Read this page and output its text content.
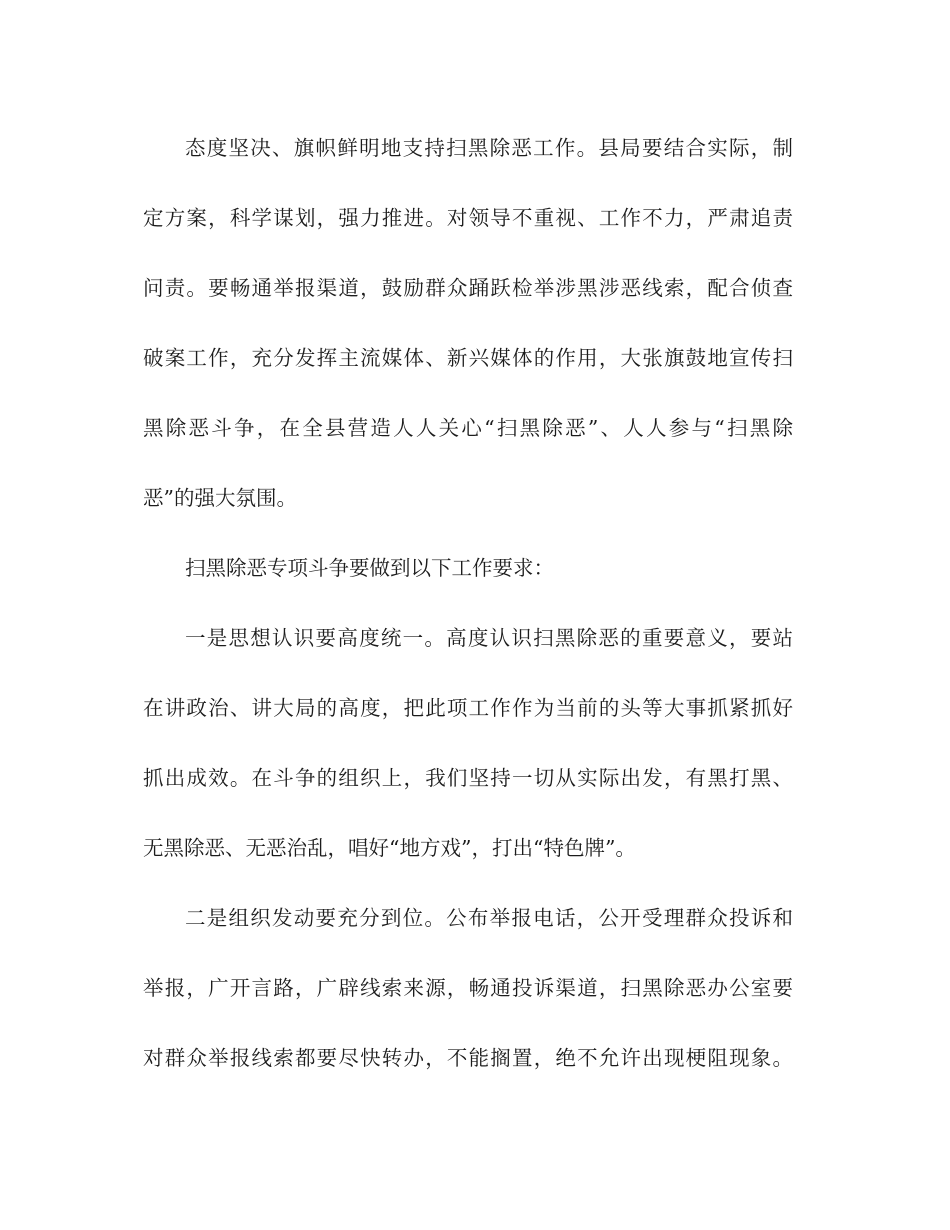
态度坚决、旗帜鲜明地支持扫黑除恶工作。县局要结合实际，制
定方案，科学谋划，强力推进。对领导不重视、工作不力，严肃追责
问责。要畅通举报渠道，鼓励群众踊跃检举涉黑涉恶线索，配合侦查
破案工作，充分发挥主流媒体、新兴媒体的作用，大张旗鼓地宣传扫
黑除恶斗争，在全县营造人人关心“扫黑除恶”、人人参与“扫黑除
恶”的强大氛围。
扫黑除恶专项斗争要做到以下工作要求：
一是思想认识要高度统一。高度认识扫黑除恶的重要意义，要站
在讲政治、讲大局的高度，把此项工作作为当前的头等大事抓紧抓好
抓出成效。在斗争的组织上，我们坚持一切从实际出发，有黑打黑、
无黑除恶、无恶治乱，唱好“地方戏”，打出“特色牌”。
二是组织发动要充分到位。公布举报电话，公开受理群众投诉和
举报，广开言路，广辟线索来源，畅通投诉渠道，扫黑除恶办公室要
对群众举报线索都要尽快转办，不能搁置，绝不允许出现梗阻现象。
